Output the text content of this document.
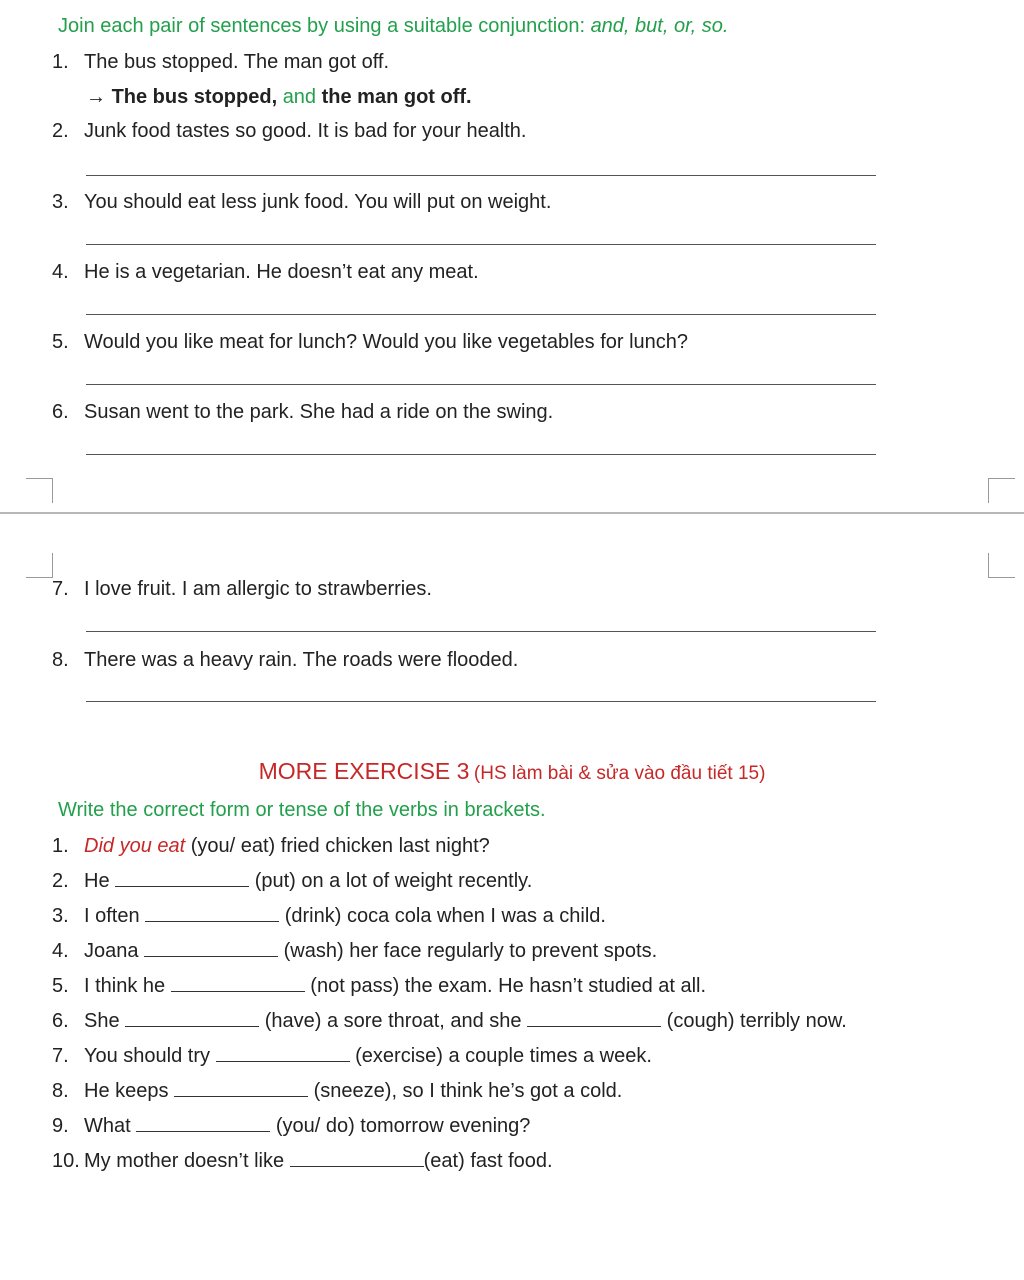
Join each pair of sentences by using a suitable conjunction: and, but, or, so.
1. The bus stopped. The man got off.
→ The bus stopped, and the man got off.
2. Junk food tastes so good. It is bad for your health.
3. You should eat less junk food. You will put on weight.
4. He is a vegetarian. He doesn’t eat any meat.
5. Would you like meat for lunch? Would you like vegetables for lunch?
6. Susan went to the park. She had a ride on the swing.
7. I love fruit. I am allergic to strawberries.
8. There was a heavy rain. The roads were flooded.
MORE EXERCISE 3 (HS làm bài & sửa vào đầu tiết 15)
Write the correct form or tense of the verbs in brackets.
1. Did you eat (you/ eat) fried chicken last night?
2. He	(put) on a lot of weight recently.
3. I often	(drink) coca cola when I was a child.
4. Joana	(wash) her face regularly to prevent spots.
5. I think he	(not pass) the exam. He hasn’t studied at all.
6. She	(have) a sore throat, and she	(cough) terribly now.
7. You should try	(exercise) a couple times a week.
8. He keeps	(sneeze), so I think he’s got a cold.
9. What	(you/ do) tomorrow evening?
10. My mother doesn’t like	(eat) fast food.
